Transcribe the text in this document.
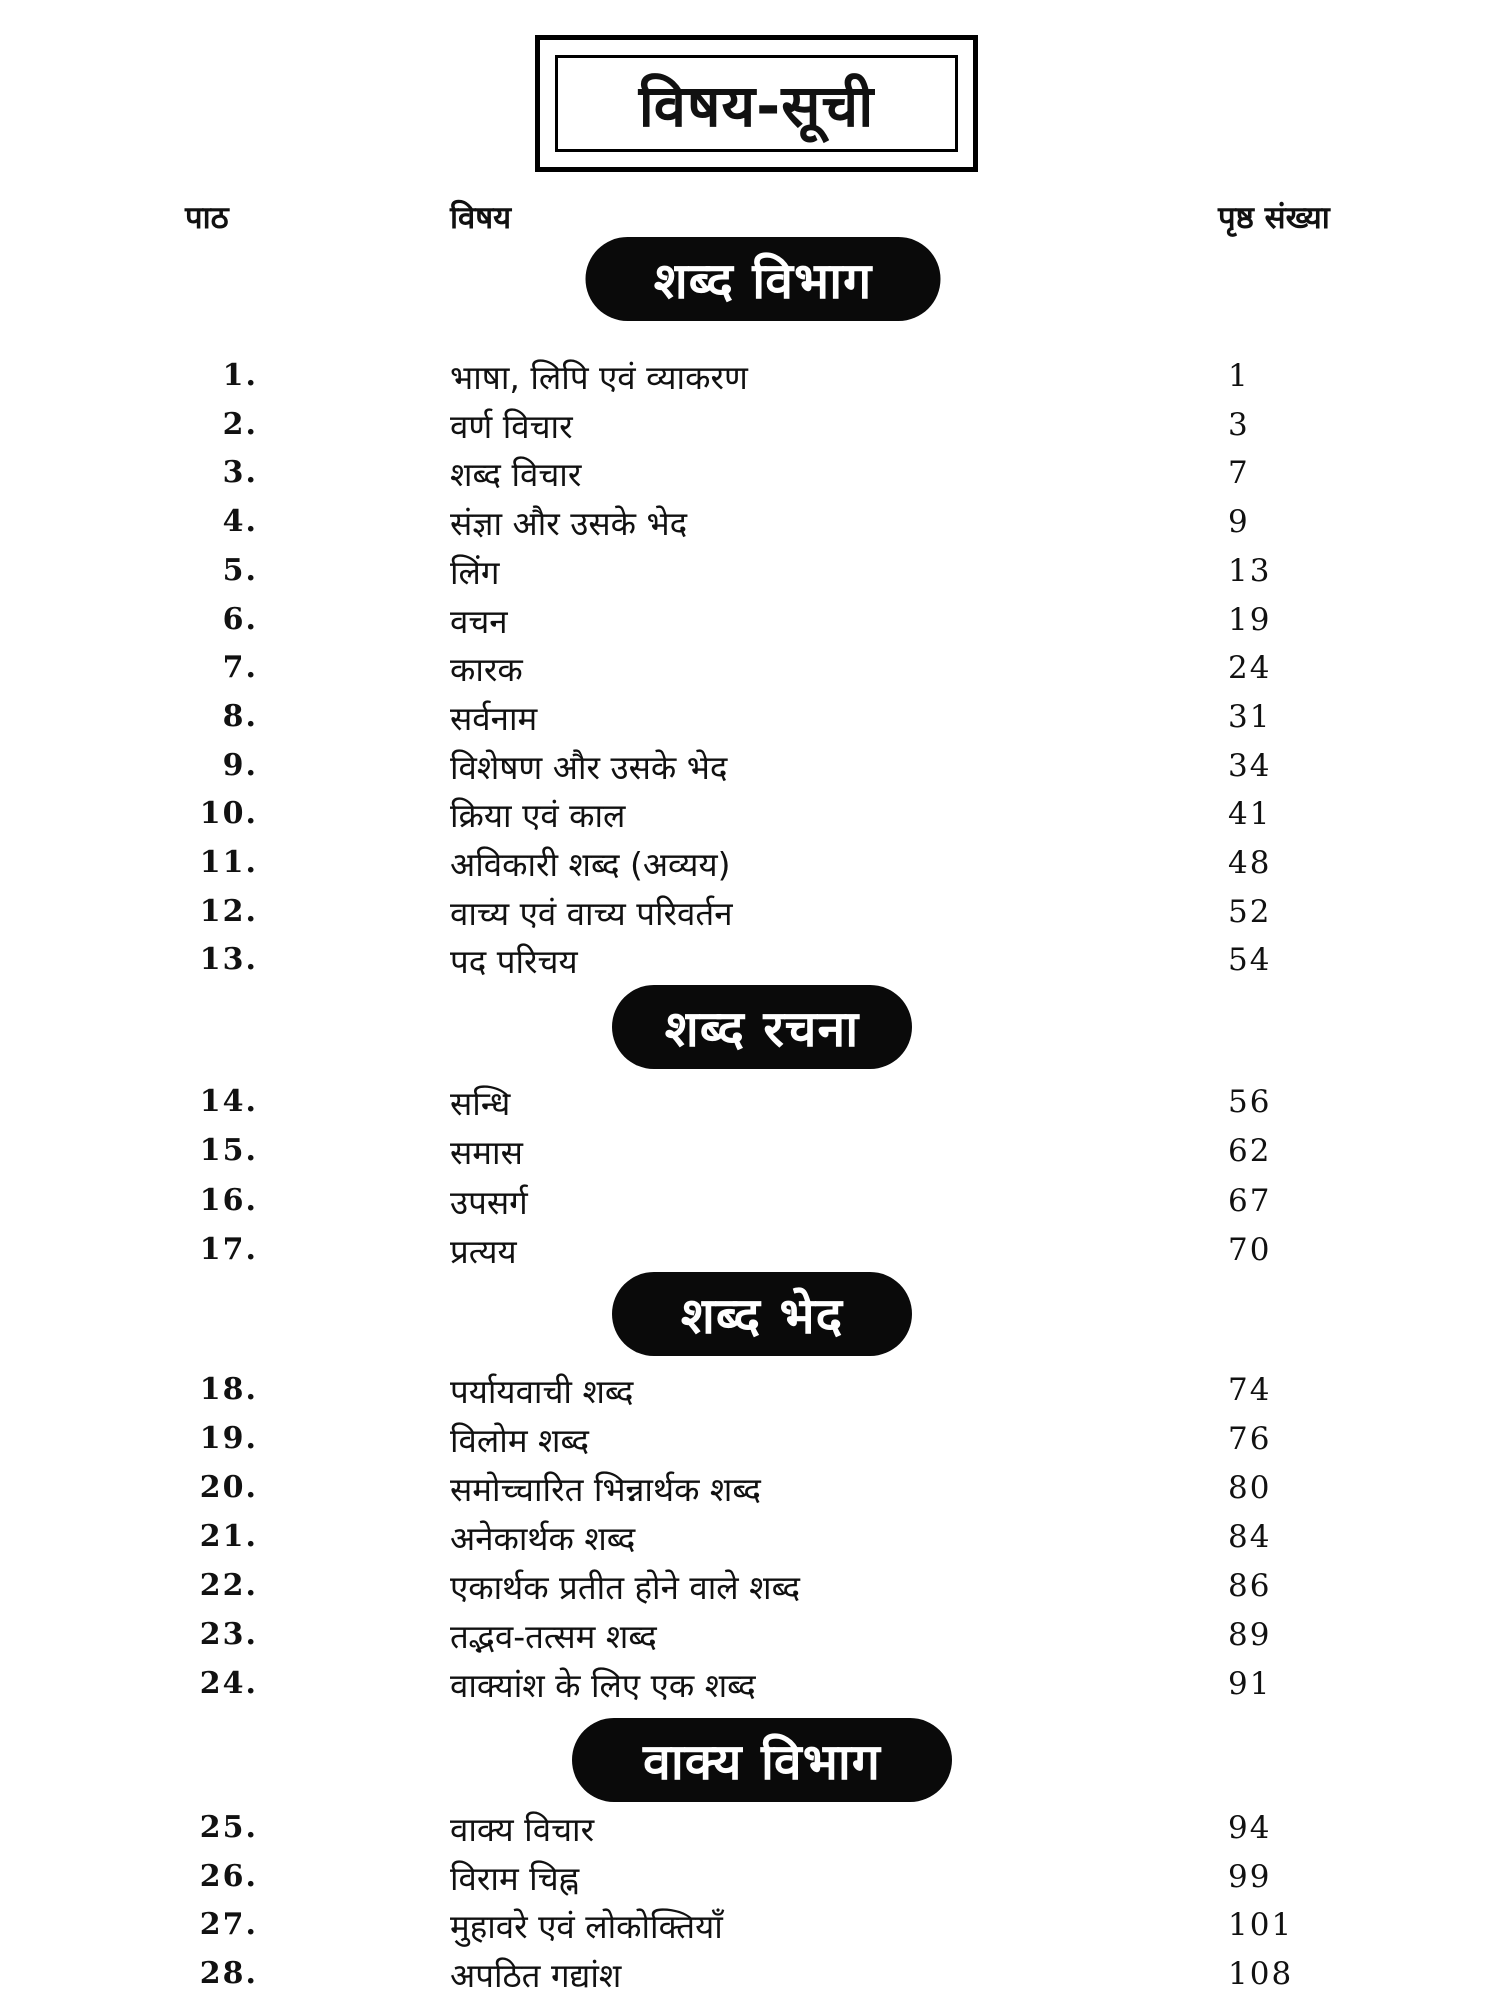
विषय-सूची
पाठ	विषय	पृष्ठ संख्या
शब्द विभाग
1.	भाषा, लिपि एवं व्याकरण	1
2.	वर्ण विचार	3
3.	शब्द विचार	7
4.	संज्ञा और उसके भेद	9
5.	लिंग	13
6.	वचन	19
7.	कारक	24
8.	सर्वनाम	31
9.	विशेषण और उसके भेद	34
10.	क्रिया एवं काल	41
11.	अविकारी शब्द (अव्यय)	48
12.	वाच्य एवं वाच्य परिवर्तन	52
13.	पद परिचय	54
शब्द रचना
14.	सन्धि	56
15.	समास	62
16.	उपसर्ग	67
17.	प्रत्यय	70
शब्द भेद
18.	पर्यायवाची शब्द	74
19.	विलोम शब्द	76
20.	समोच्चारित भिन्नार्थक शब्द	80
21.	अनेकार्थक शब्द	84
22.	एकार्थक प्रतीत होने वाले शब्द	86
23.	तद्भव-तत्सम शब्द	89
24.	वाक्यांश के लिए एक शब्द	91
वाक्य विभाग
25.	वाक्य विचार	94
26.	विराम चिह्न	99
27.	मुहावरे एवं लोकोक्तियाँ	101
28.	अपठित गद्यांश	108
